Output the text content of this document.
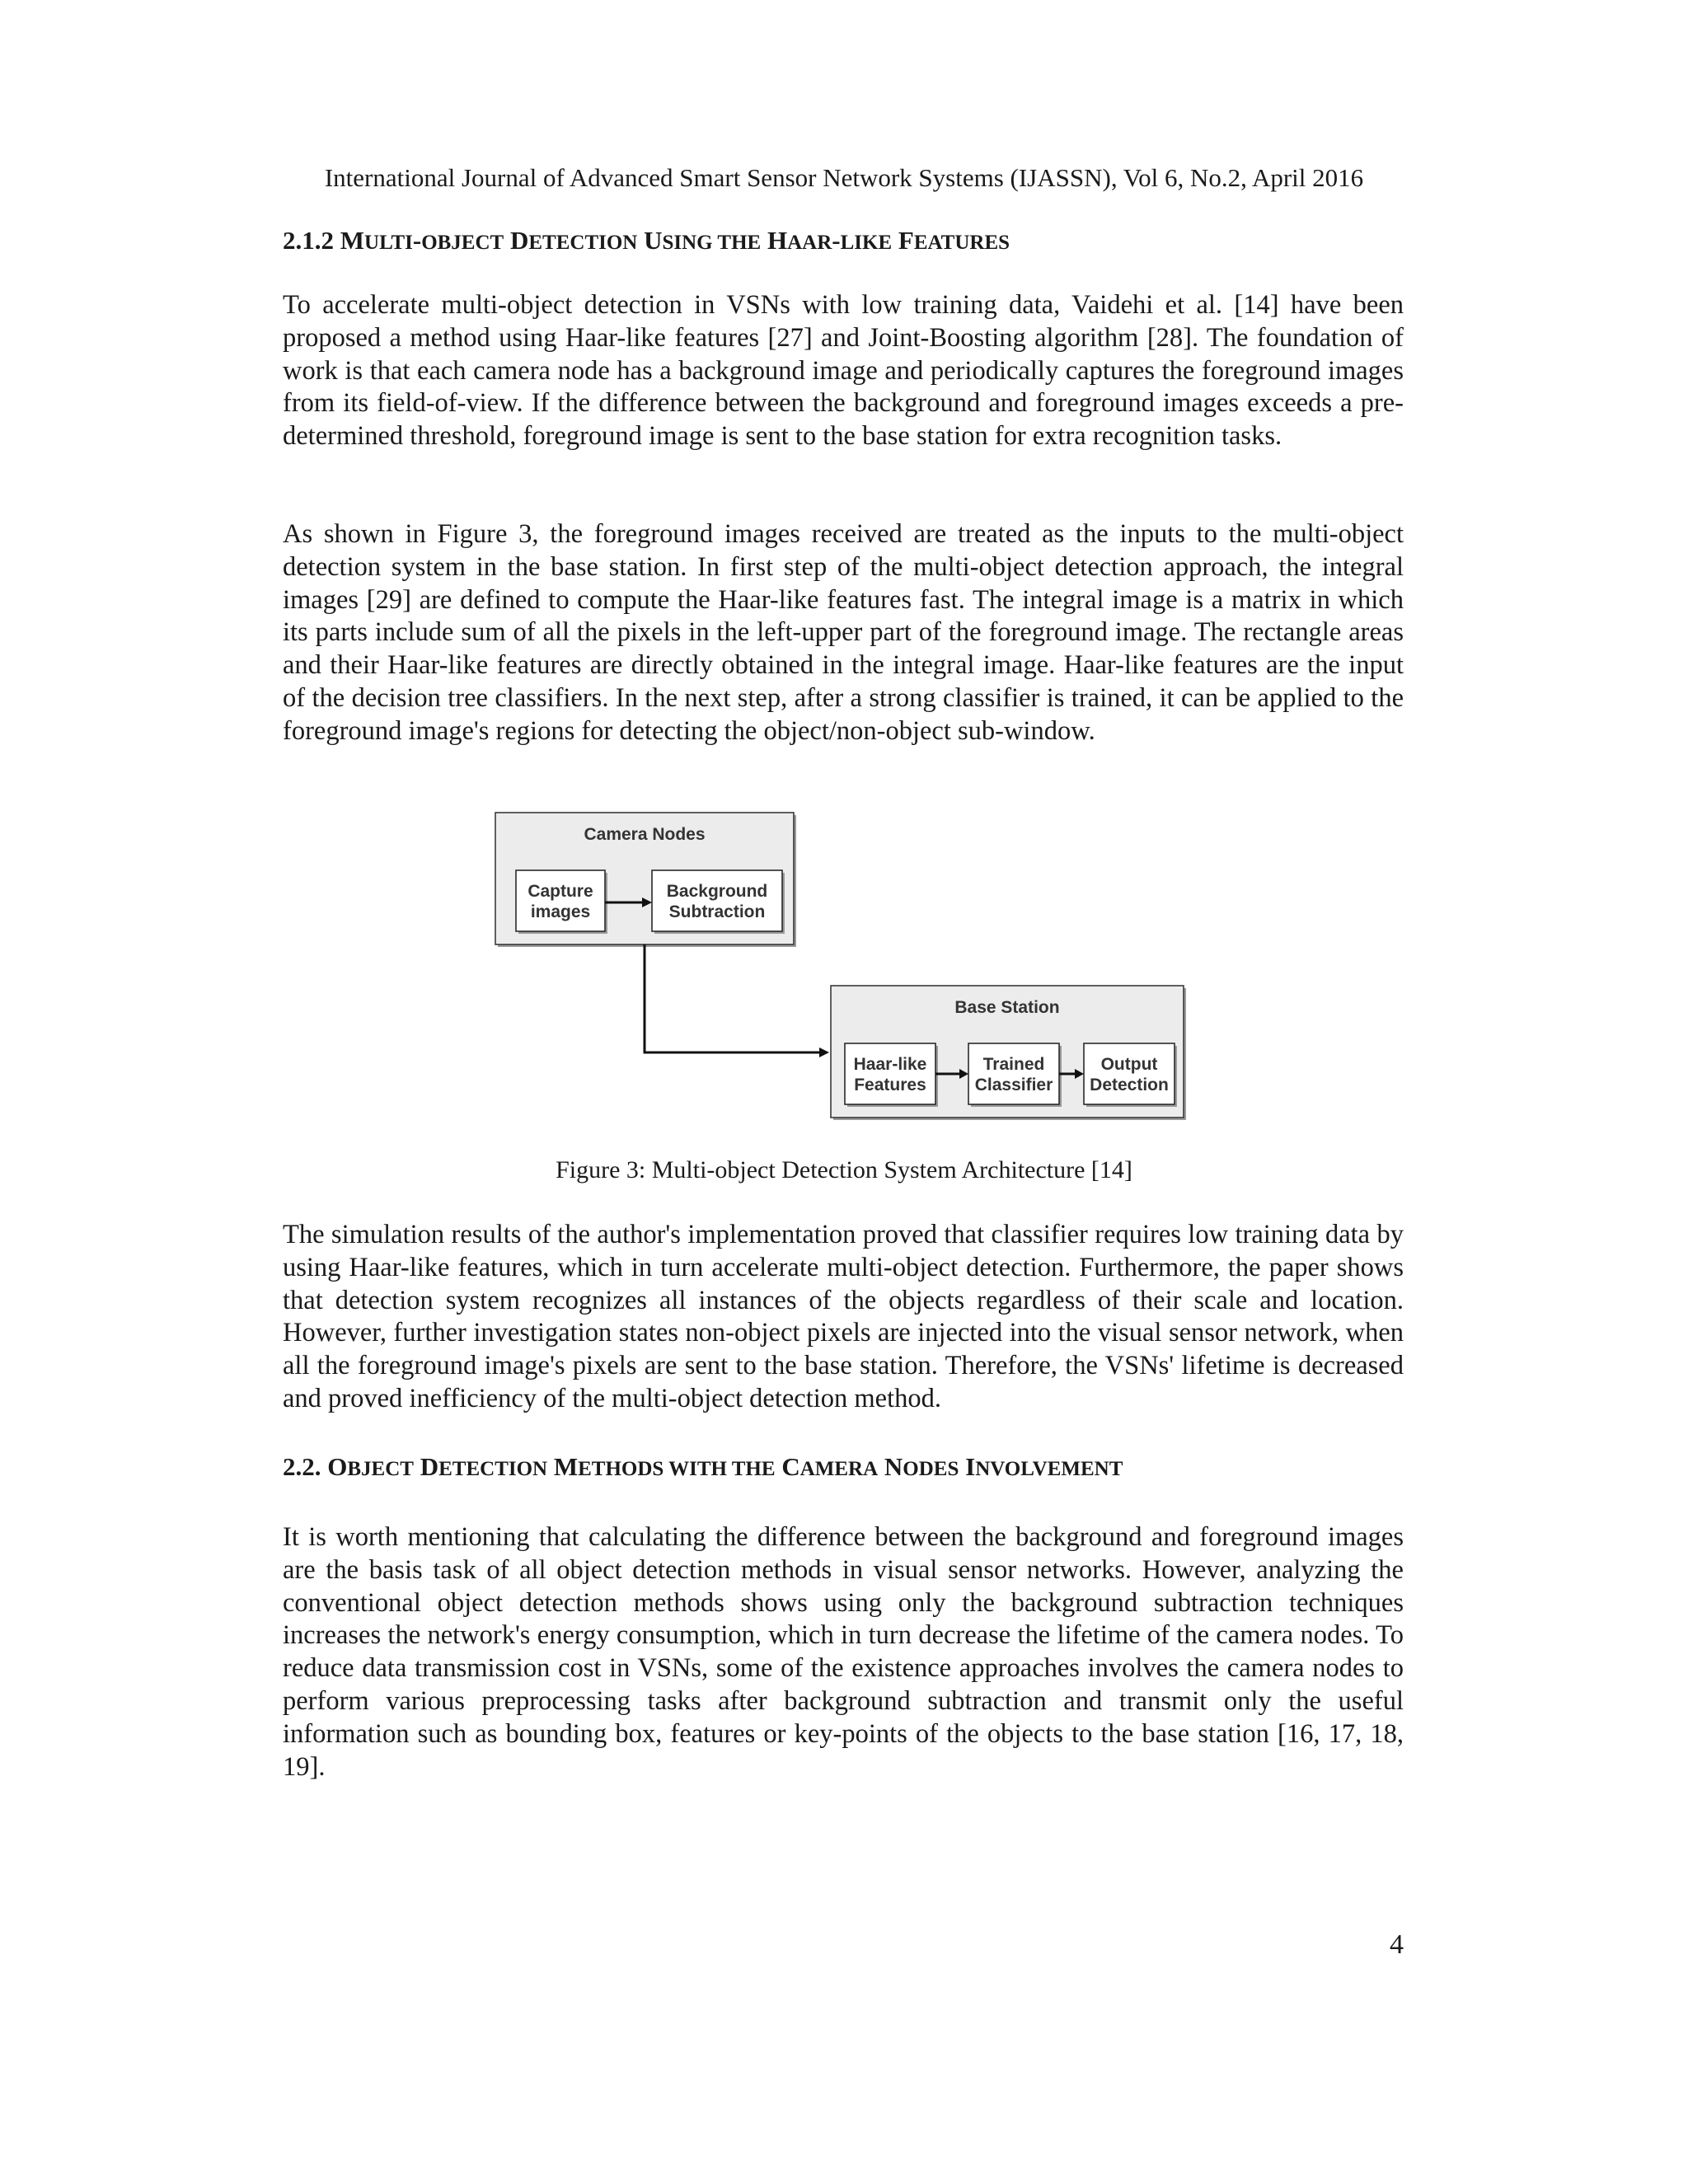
International Journal of Advanced Smart Sensor Network Systems (IJASSN), Vol 6, No.2, April 2016
2.1.2 MULTI-OBJECT DETECTION USING THE HAAR-LIKE FEATURES

To accelerate multi-object detection in VSNs with low training data, Vaidehi et al. [14] have been proposed a method using Haar-like features [27] and Joint-Boosting algorithm [28]. The foundation of work is that each camera node has a background image and periodically captures the foreground images from its field-of-view. If the difference between the background and foreground images exceeds a pre-determined threshold, foreground image is sent to the base station for extra recognition tasks.

As shown in Figure 3, the foreground images received are treated as the inputs to the multi-object detection system in the base station. In first step of the multi-object detection approach, the integral images [29] are defined to compute the Haar-like features fast. The integral image is a matrix in which its parts include sum of all the pixels in the left-upper part of the foreground image. The rectangle areas and their Haar-like features are directly obtained in the integral image. Haar-like features are the input of the decision tree classifiers. In the next step, after a strong classifier is trained, it can be applied to the foreground image's regions for detecting the object/non-object sub-window.

Camera Nodes
Capture
images
Background
Subtraction
Base Station
Haar-like
Features
Trained
Classifier
Output
Detection
Figure 3: Multi-object Detection System Architecture [14]

The simulation results of the author's implementation proved that classifier requires low training data by using Haar-like features, which in turn accelerate multi-object detection. Furthermore, the paper shows that detection system recognizes all instances of the objects regardless of their scale and location. However, further investigation states non-object pixels are injected into the visual sensor network, when all the foreground image's pixels are sent to the base station. Therefore, the VSNs' lifetime is decreased and proved inefficiency of the multi-object detection method.

2.2. OBJECT DETECTION METHODS WITH THE CAMERA NODES INVOLVEMENT

It is worth mentioning that calculating the difference between the background and foreground images are the basis task of all object detection methods in visual sensor networks. However, analyzing the conventional object detection methods shows using only the background subtraction techniques increases the network's energy consumption, which in turn decrease the lifetime of the camera nodes. To reduce data transmission cost in VSNs, some of the existence approaches involves the camera nodes to perform various preprocessing tasks after background subtraction and transmit only the useful information such as bounding box, features or key-points of the objects to the base station [16, 17, 18, 19].

4
